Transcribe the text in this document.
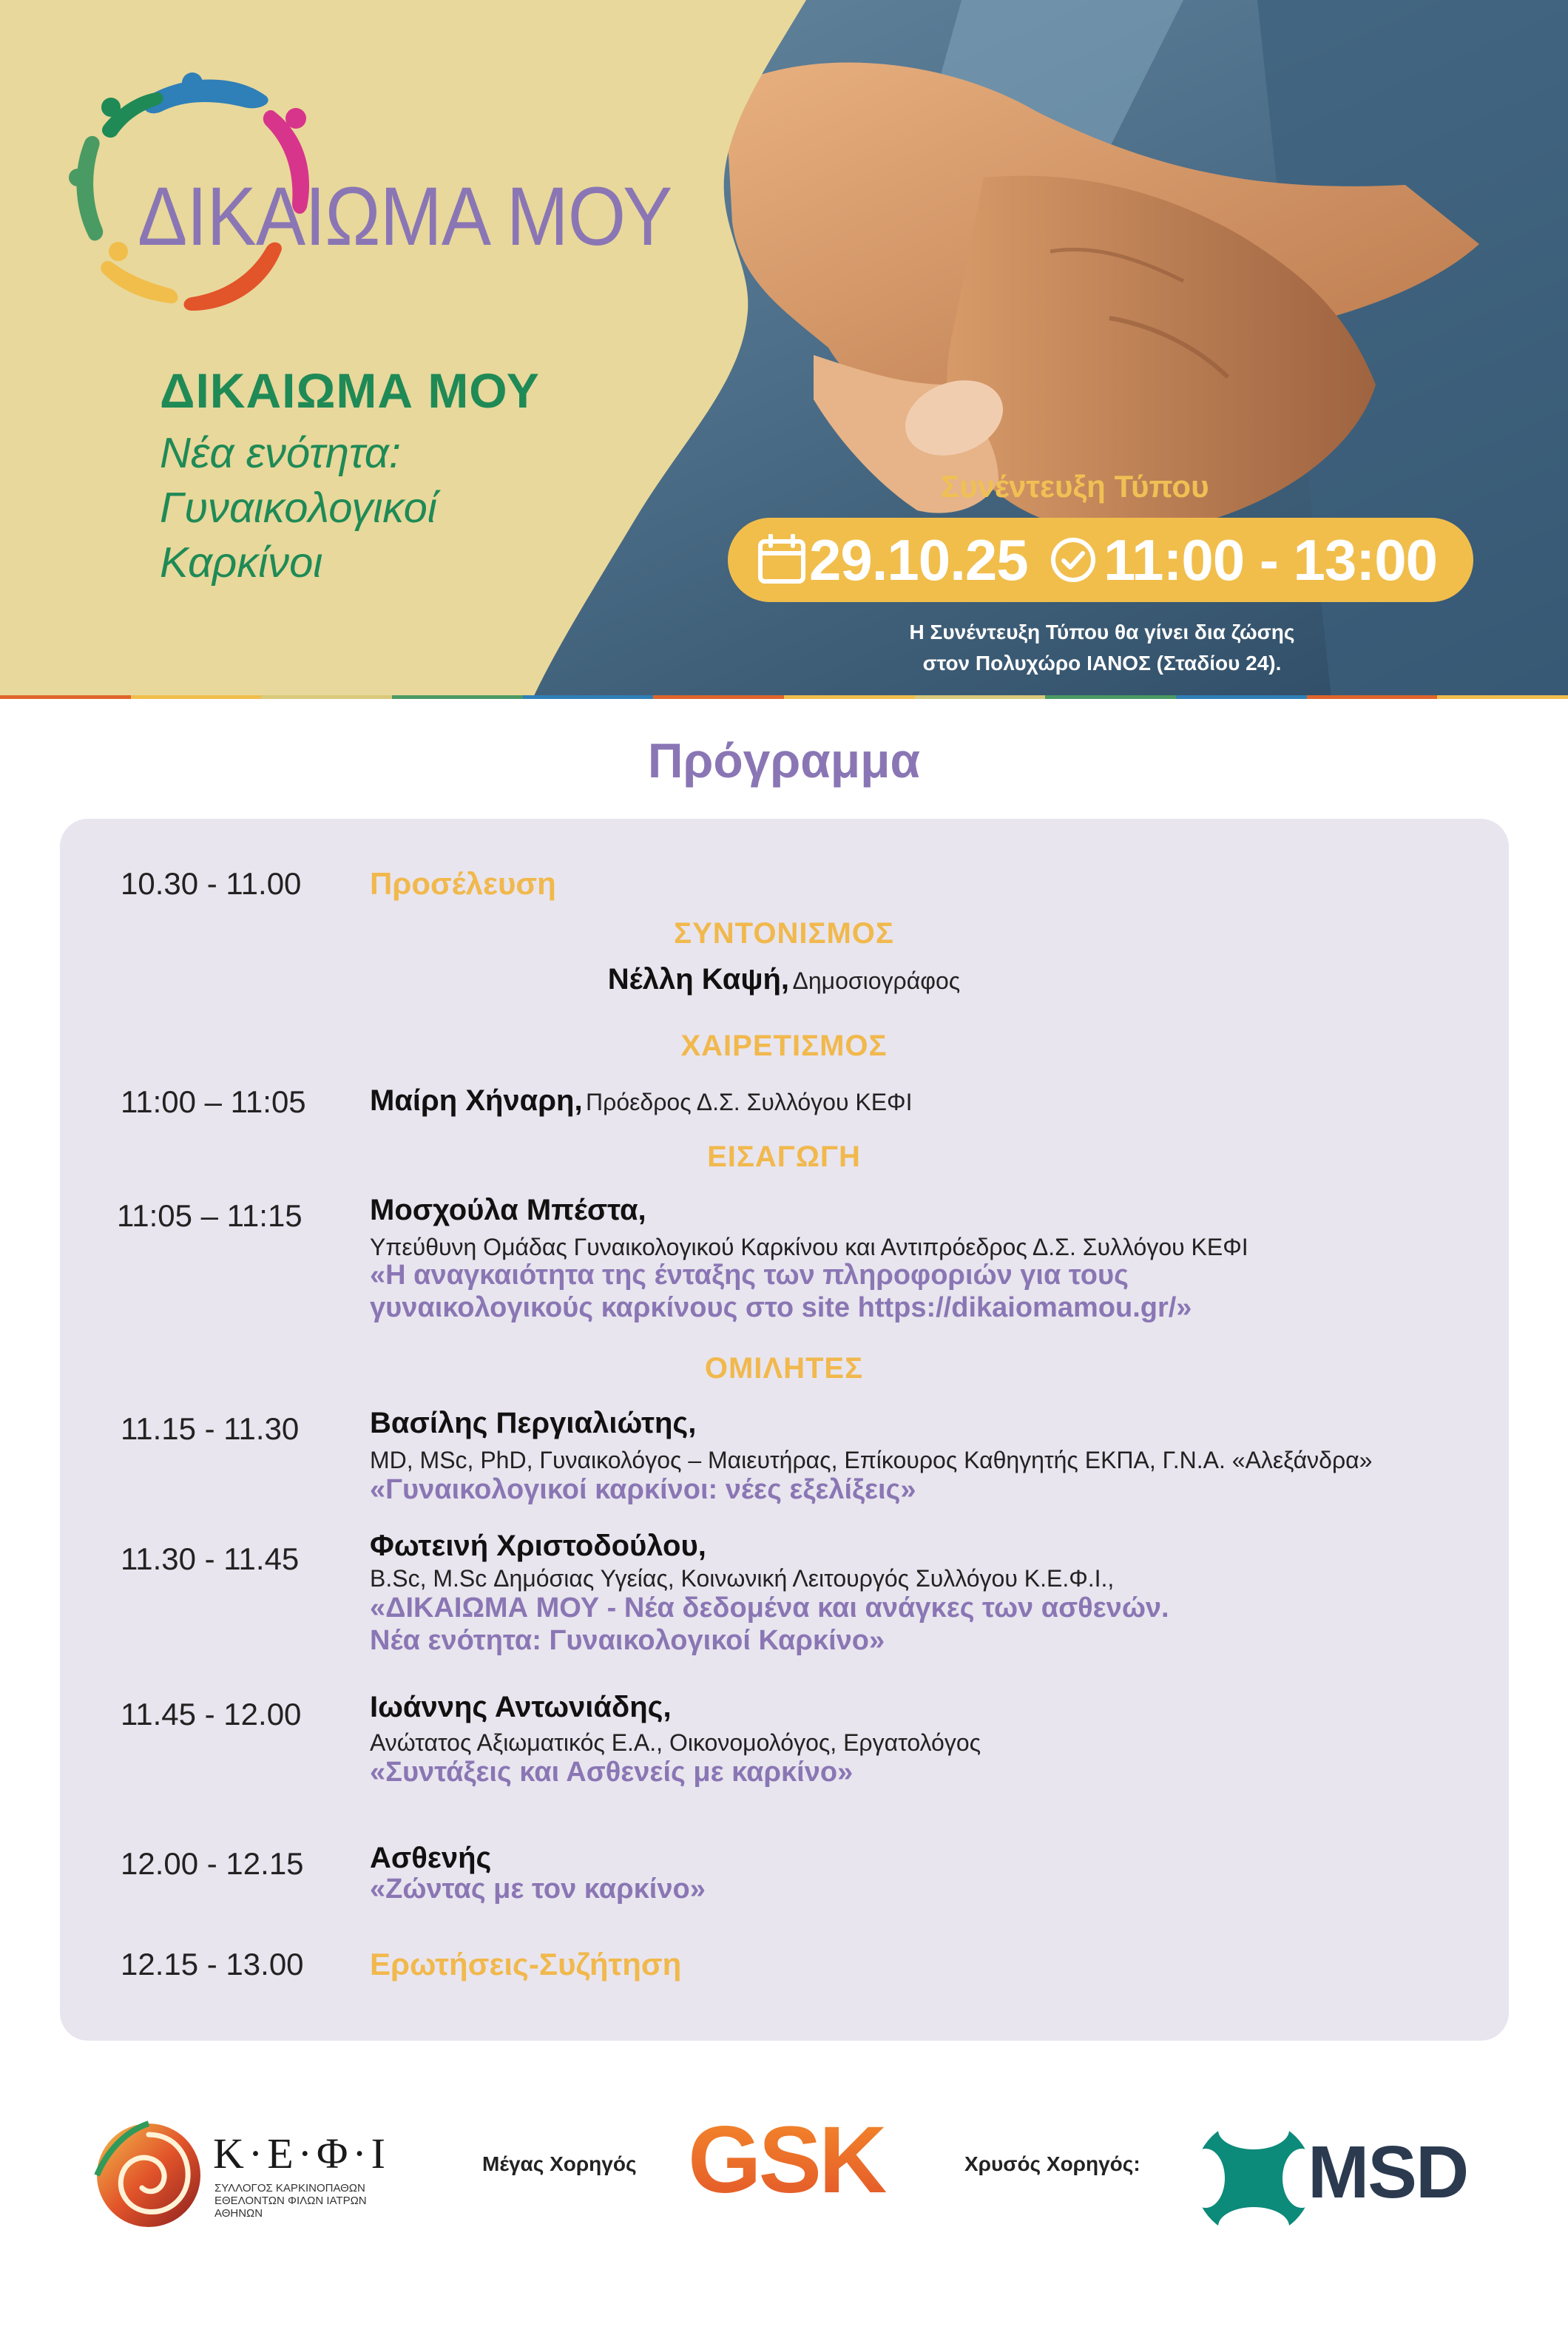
ΔΙΚΑΙΩΜΑ ΜΟΥ
ΔΙΚΑΙΩΜΑ ΜΟΥ
Νέα ενότητα:
Γυναικολογικοί
Καρκίνοι
Συνέντευξη Τύπου
29.10.25 11:00 - 13:00
Η Συνέντευξη Τύπου θα γίνει δια ζώσης
στον Πολυχώρο ΙΑΝΟΣ (Σταδίου 24).
Πρόγραμμα
10.30 - 11.00 Προσέλευση
ΣΥΝΤΟΝΙΣΜΟΣ
Νέλλη Καψή, Δημοσιογράφος
ΧΑΙΡΕΤΙΣΜΟΣ
11:00 – 11:05 Μαίρη Χήναρη, Πρόεδρος Δ.Σ. Συλλόγου ΚΕΦΙ
ΕΙΣΑΓΩΓΗ
11:05 – 11:15 Μοσχούλα Μπέστα,
Υπεύθυνη Ομάδας Γυναικολογικού Καρκίνου και Αντιπρόεδρος Δ.Σ. Συλλόγου ΚΕΦΙ
«Η αναγκαιότητα της ένταξης των πληροφοριών για τους
γυναικολογικούς καρκίνους στο site https://dikaiomamou.gr/»
ΟΜΙΛΗΤΕΣ
11.15 - 11.30 Βασίλης Περγιαλιώτης,
MD, MSc, PhD, Γυναικολόγος – Μαιευτήρας, Επίκουρος Καθηγητής ΕΚΠΑ, Γ.Ν.Α. «Αλεξάνδρα»
«Γυναικολογικοί καρκίνοι: νέες εξελίξεις»
11.30 - 11.45 Φωτεινή Χριστοδούλου,
B.Sc, M.Sc Δημόσιας Υγείας, Κοινωνική Λειτουργός Συλλόγου Κ.Ε.Φ.Ι.,
«ΔΙΚΑΙΩΜΑ ΜΟΥ - Νέα δεδομένα και ανάγκες των ασθενών.
Νέα ενότητα: Γυναικολογικοί Καρκίνο»
11.45 - 12.00 Ιωάννης Αντωνιάδης,
Ανώτατος Αξιωματικός Ε.Α., Οικονομολόγος, Εργατολόγος
«Συντάξεις και Ασθενείς με καρκίνο»
12.00 - 12.15 Ασθενής
«Ζώντας με τον καρκίνο»
12.15 - 13.00 Ερωτήσεις-Συζήτηση
Κ·Ε·Φ·Ι
ΣΥΛΛΟΓΟΣ ΚΑΡΚΙΝΟΠΑΘΩΝ
ΕΘΕΛΟΝΤΩΝ ΦΙΛΩΝ ΙΑΤΡΩΝ ΑΘΗΝΩΝ
Μέγας Χορηγός GSK	Χρυσός Χορηγός: MSD
